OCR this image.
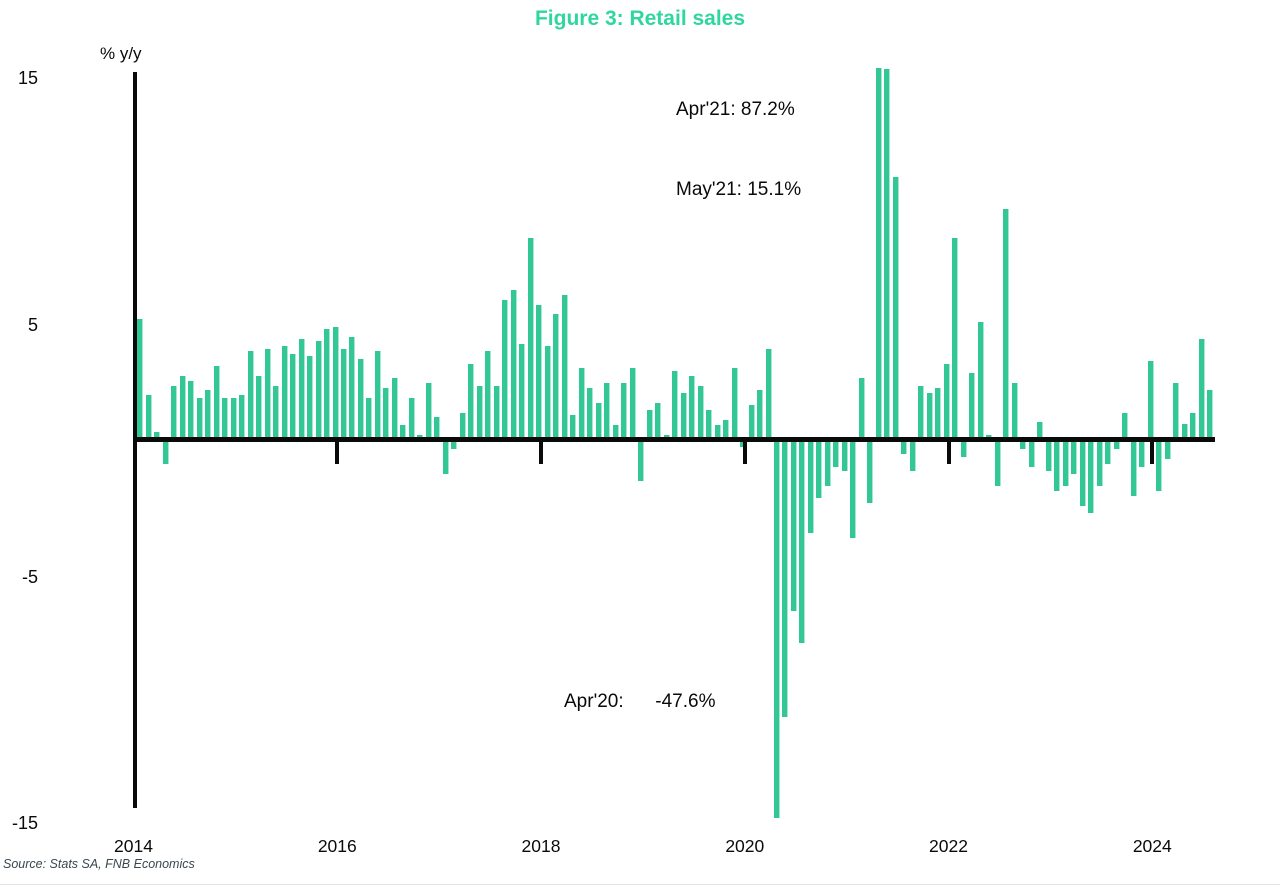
Figure 3: Retail sales
% y/y
15
5
-5
-15
2014	2016	2018	2020	2022	2024
Apr'21: 87.2%
May'21: 15.1%
Apr'20:      -47.6%
Source: Stats SA, FNB Economics
